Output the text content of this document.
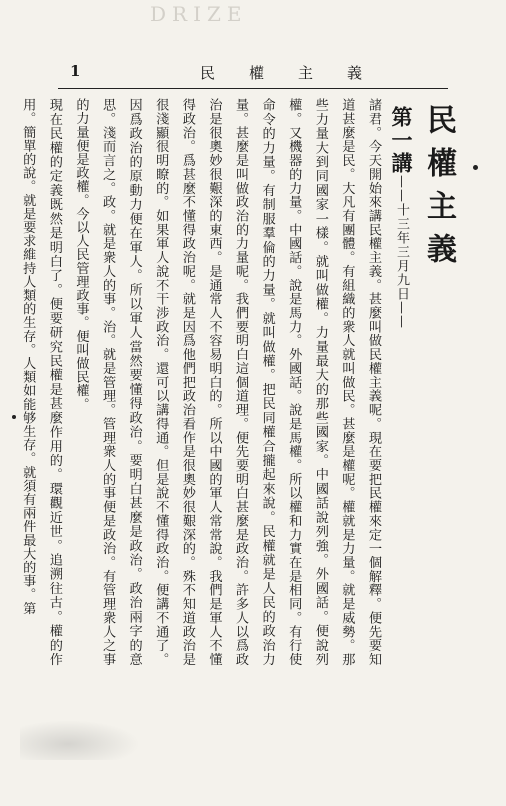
DRIZE
1	民權主義
民權主義
第一講——十三年三月九日——

諸君。今天開始來講民權主義。甚麼叫做民權主義呢。現在要把民權來定一個解釋。便先要知道甚麼是民。大凡有團體。有組織的衆人就叫做民。甚麼是權呢。權就是力量。就是威勢。那些力量大到同國家一樣。就叫做權。力量最大的那些國家。中國話說列強。外國話。便說列權。又機器的力量。中國話。說是馬力。外國話。說是馬權。所以權和力實在是相同。有行使命令的力量。有制服羣倫的力量。就叫做權。把民同權合攏起來說。民權就是人民的政治力量。甚麼是叫做政治的力量呢。我們要明白這個道理。便先要明白甚麼是政治。許多人以爲政治是很奧妙很艱深的東西。是通常人不容易明白的。所以中國的軍人常常說。我們是軍人不懂得政治。爲甚麼不懂得政治呢。就是因爲他們把政治看作是很奧妙很艱深的。殊不知道政治是很淺顯很明瞭的。如果軍人說不干涉政治。還可以講得通。但是說不懂得政治。便講不通了。因爲政治的原動力便在軍人。所以軍人當然要懂得政治。要明白甚麼是政治。政治兩字的意思。淺而言之。政。就是衆人的事。治。就是管理。管理衆人的事便是政治。有管理衆人之事的力量便是政權。今以人民管理政事。便叫做民權。

現在民權的定義既然是明白了。便要研究民權是甚麼作用的。環觀近世。追溯往古。權的作用。簡單的說。就是要求維持人類的生存。人類如能够生存。就須有兩件最大的事。第
